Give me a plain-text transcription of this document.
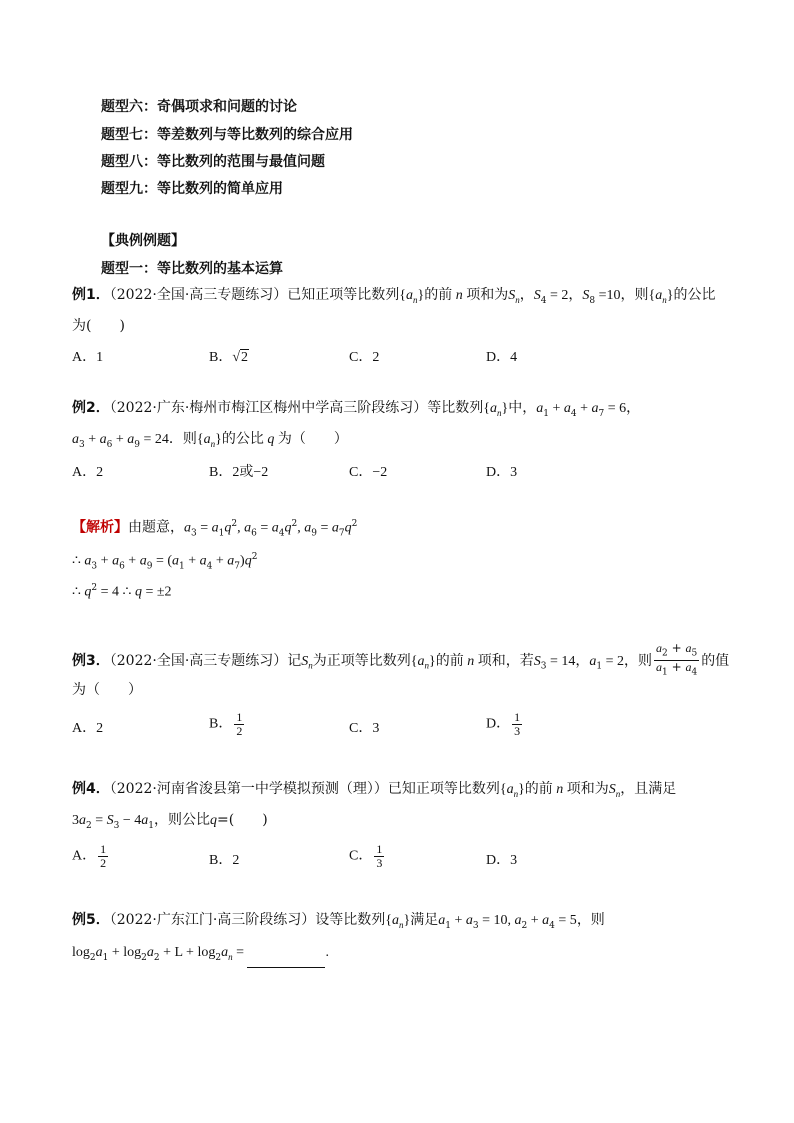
题型六：奇偶项求和问题的讨论
题型七：等差数列与等比数列的综合应用
题型八：等比数列的范围与最值问题
题型九：等比数列的简单应用
【典例例题】
题型一：等比数列的基本运算
例1．（2022·全国·高三专题练习）已知正项等比数列$\{a_n\}$的前 n 项和为$S_n$，$S_4 = 2$，$S_8 =10$，则$\{a_n\}$的公比
为(　　)
A．1	B．√2	C．2	D．4
例2．（2022·广东·梅州市梅江区梅州中学高三阶段练习）等比数列$\{a_n\}$中，$a_1 + a_4 + a_7 = 6$，
$a_3 + a_6 + a_9 = 24$．则$\{a_n\}$的公比 q 为（　　）
A．2	B．2或−2	C．−2	D．3
【解析】由题意，$a_3 = a_1q^2$, $a_6 = a_4q^2$, $a_9 = a_7q^2$
∴ $a_3 + a_6 + a_9 = (a_1 + a_4 + a_7)q^2$
∴ $q^2 = 4$ ∴ q = ±2
例3．（2022·全国·高三专题练习）记$S_n$为正项等比数列$\{a_n\}$的前 n 项和，若$S_3 = 14$，$a_1 = 2$，则 $\frac{a_2 + a_5}{a_1 + a_4}$ 的值
为（　　）
A．2	B． $\frac{1}{2}$	C．3	D． $\frac{1}{3}$
例4．（2022·河南省浚县第一中学模拟预测（理））已知正项等比数列$\{a_n\}$的前 n 项和为$S_n$，且满足
$3a_2 = S_3 - 4a_1$，则公比q=(　　)
A． $\frac{1}{2}$	B．2	C． $\frac{1}{3}$	D．3
例5．（2022·广东江门·高三阶段练习）设等比数列$\{a_n\}$满足$a_1 + a_3 = 10$, $a_2 + a_4 = 5$，则
$\log_2a_1 + \log_2a_2 + L + \log_2a_n$ =	.
